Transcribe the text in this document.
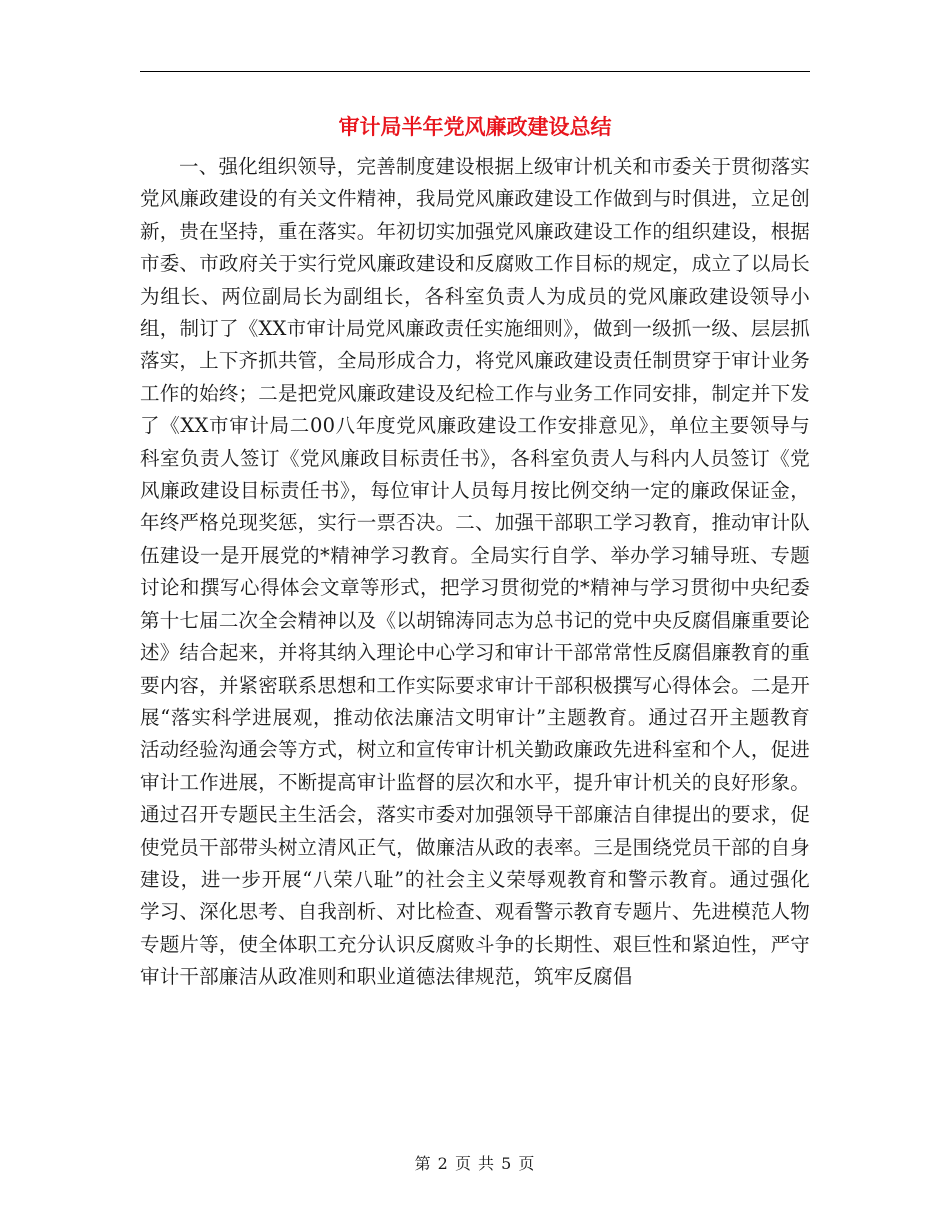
审计局半年党风廉政建设总结

一、强化组织领导，完善制度建设根据上级审计机关和市委关于贯彻落实党风廉政建设的有关文件精神，我局党风廉政建设工作做到与时俱进，立足创新，贵在坚持，重在落实。年初切实加强党风廉政建设工作的组织建设，根据市委、市政府关于实行党风廉政建设和反腐败工作目标的规定，成立了以局长为组长、两位副局长为副组长，各科室负责人为成员的党风廉政建设领导小组，制订了《XX市审计局党风廉政责任实施细则》，做到一级抓一级、层层抓落实，上下齐抓共管，全局形成合力，将党风廉政建设责任制贯穿于审计业务工作的始终；二是把党风廉政建设及纪检工作与业务工作同安排，制定并下发了《XX市审计局二00八年度党风廉政建设工作安排意见》，单位主要领导与科室负责人签订《党风廉政目标责任书》，各科室负责人与科内人员签订《党风廉政建设目标责任书》，每位审计人员每月按比例交纳一定的廉政保证金，年终严格兑现奖惩，实行一票否决。二、加强干部职工学习教育，推动审计队伍建设一是开展党的*精神学习教育。全局实行自学、举办学习辅导班、专题讨论和撰写心得体会文章等形式，把学习贯彻党的*精神与学习贯彻中央纪委第十七届二次全会精神以及《以胡锦涛同志为总书记的党中央反腐倡廉重要论述》结合起来，并将其纳入理论中心学习和审计干部常常性反腐倡廉教育的重要内容，并紧密联系思想和工作实际要求审计干部积极撰写心得体会。二是开展“落实科学进展观，推动依法廉洁文明审计”主题教育。通过召开主题教育活动经验沟通会等方式，树立和宣传审计机关勤政廉政先进科室和个人，促进审计工作进展，不断提高审计监督的层次和水平，提升审计机关的良好形象。通过召开专题民主生活会，落实市委对加强领导干部廉洁自律提出的要求，促使党员干部带头树立清风正气，做廉洁从政的表率。三是围绕党员干部的自身建设，进一步开展“八荣八耻”的社会主义荣辱观教育和警示教育。通过强化学习、深化思考、自我剖析、对比检查、观看警示教育专题片、先进模范人物专题片等，使全体职工充分认识反腐败斗争的长期性、艰巨性和紧迫性，严守审计干部廉洁从政准则和职业道德法律规范，筑牢反腐倡

第 2 页 共 5 页
